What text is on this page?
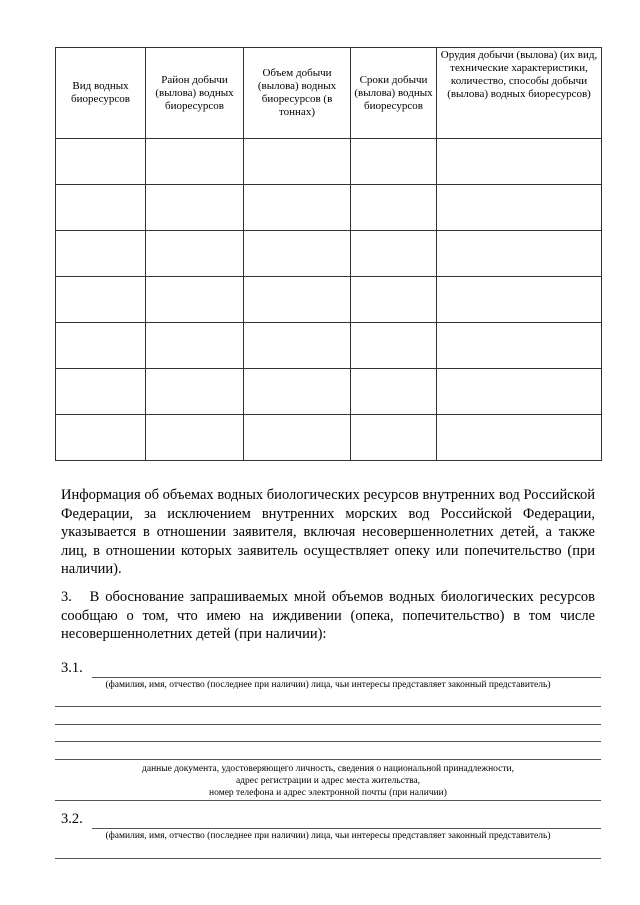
Вид водных биоресурсов	Район добычи (вылова) водных биоресурсов	Объем добычи (вылова) водных биоресурсов (в тоннах)	Сроки добычи (вылова) водных биоресурсов	Орудия добычи (вылова) (их вид, технические характеристики, количество, способы добычи (вылова) водных биоресурсов)

Информация об объемах водных биологических ресурсов внутренних вод Российской Федерации, за исключением внутренних морских вод Российской Федерации, указывается в отношении заявителя, включая несовершеннолетних детей, а также лиц, в отношении которых заявитель осуществляет опеку или попечительство (при наличии).
3. В обоснование запрашиваемых мной объемов водных биологических ресурсов сообщаю о том, что имею на иждивении (опека, попечительство) в том числе несовершеннолетних детей (при наличии):
3.1.
(фамилия, имя, отчество (последнее при наличии) лица, чьи интересы представляет законный представитель)
данные документа, удостоверяющего личность, сведения о национальной принадлежности,
адрес регистрации и адрес места жительства,
номер телефона и адрес электронной почты (при наличии)
3.2.
(фамилия, имя, отчество (последнее при наличии) лица, чьи интересы представляет законный представитель)
